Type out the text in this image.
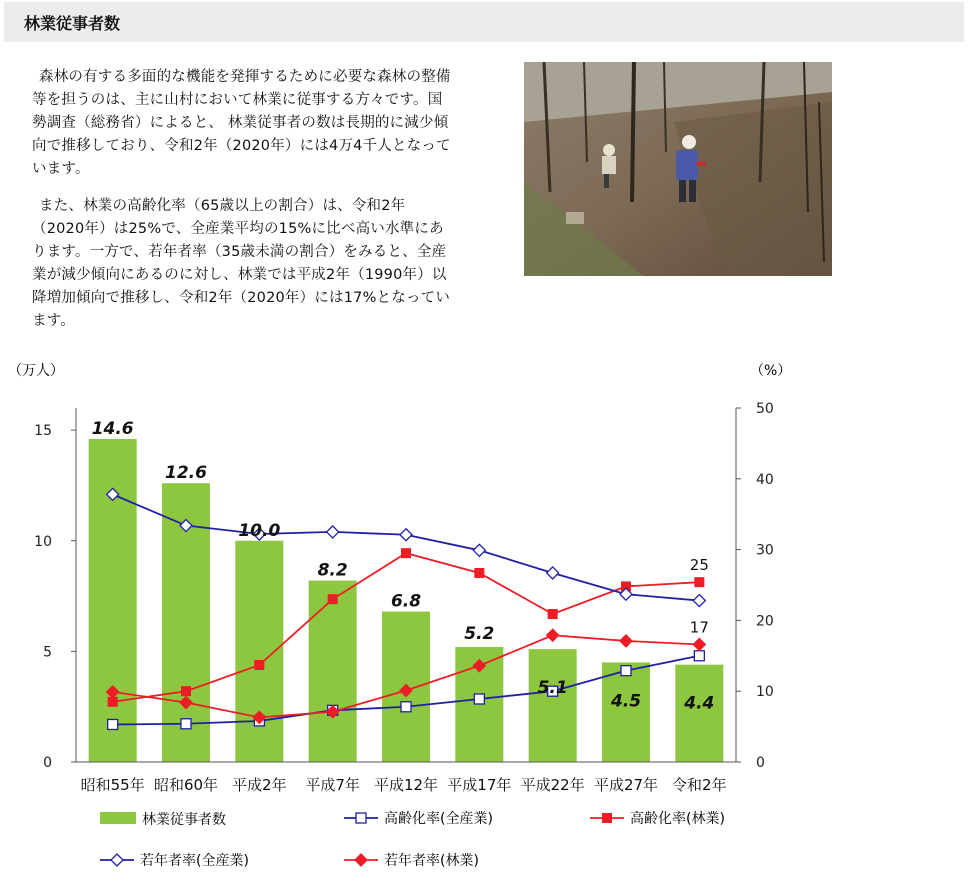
林業従事者数

森林の有する多面的な機能を発揮するために必要な森林の整備等を担うのは、主に山村において林業に従事する方々です。国勢調査（総務省）によると、 林業従事者の数は長期的に減少傾向で推移しており、令和2年（2020年）には4万4千人となっています。

また、林業の高齢化率（65歳以上の割合）は、令和2年（2020年）は25%で、全産業平均の15%に比べ高い水準にあります。一方で、若年者率（35歳未満の割合）をみると、全産業が減少傾向にあるのに対し、林業では平成2年（1990年）以降増加傾向で推移し、令和2年（2020年）には17%となっています。

（万人）	（%）
0
5
10
15
0
10
20
30
40
50
昭和55年 昭和60年 平成2年 平成7年 平成12年 平成17年 平成22年 平成27年 令和2年
14.6
12.6
10.0
8.2
6.8
5.2
5.1
4.5	4.4
25
17
林業従事者数	高齢化率(全産業)	高齢化率(林業)
若年者率(全産業)	若年者率(林業)
